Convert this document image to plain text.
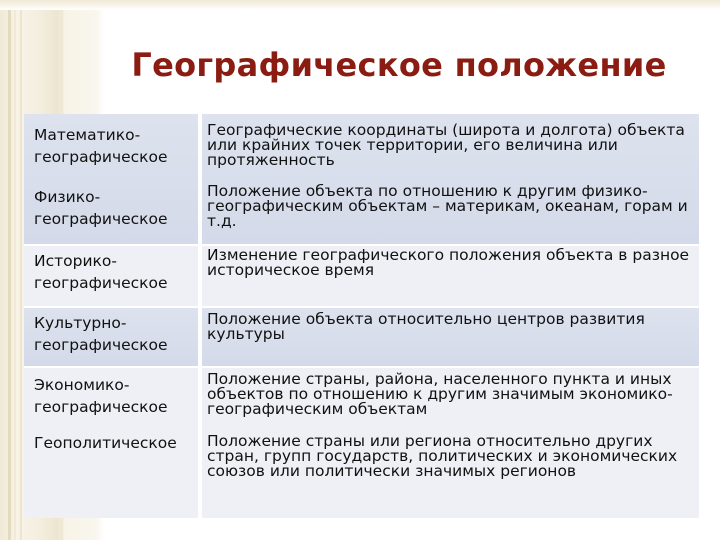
Географическое положение
Математико- географическое
Географические координаты (широта и долгота) объекта или крайних точек территории, его величина или протяженность
Физико- географическое
Положение объекта по отношению к другим физико- географическим объектам – материкам, океанам, горам и т.д.
Историко- географическое
Изменение географического положения объекта в разное историческое время
Культурно- географическое
Положение объекта относительно центров развития культуры
Экономико- географическое
Положение страны, района, населенного пункта и иных объектов по отношению к другим значимым экономико-географическим объектам
Геополитическое	Положение страны или региона относительно других стран, групп государств, политических и экономических союзов или политически значимых регионов
